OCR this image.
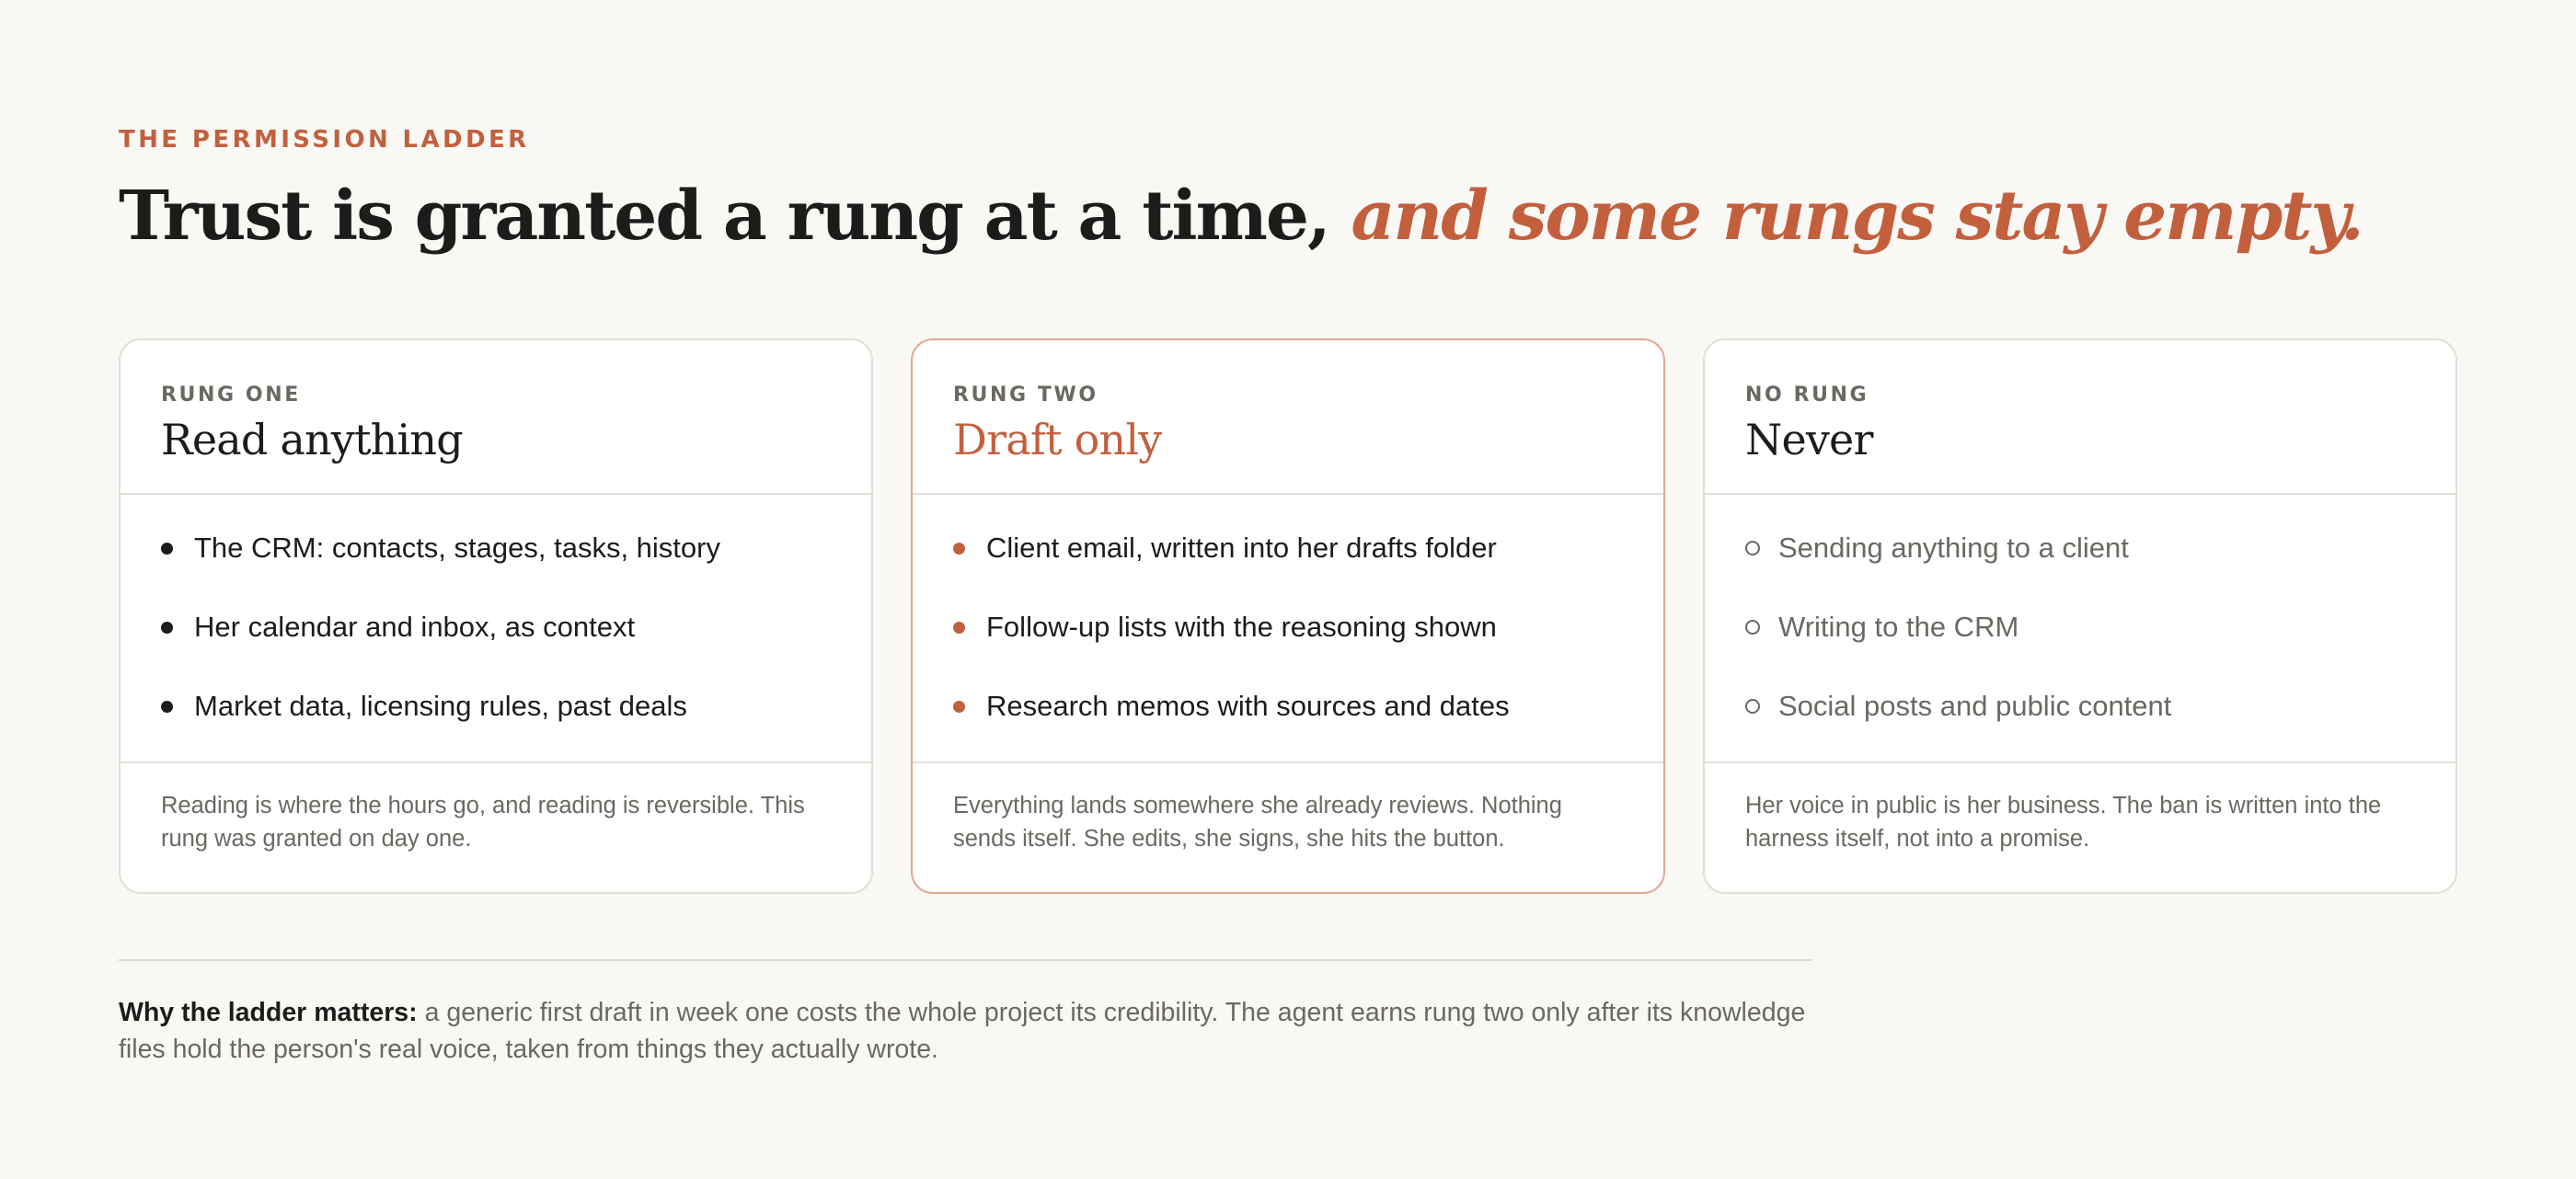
THE PERMISSION LADDER
Trust is granted a rung at a time, and some rungs stay empty.
RUNG ONE
Read anything
The CRM: contacts, stages, tasks, history
Her calendar and inbox, as context
Market data, licensing rules, past deals
Reading is where the hours go, and reading is reversible. This rung was granted on day one.
RUNG TWO
Draft only
Client email, written into her drafts folder
Follow-up lists with the reasoning shown
Research memos with sources and dates
Everything lands somewhere she already reviews. Nothing sends itself. She edits, she signs, she hits the button.
NO RUNG
Never
Sending anything to a client
Writing to the CRM
Social posts and public content
Her voice in public is her business. The ban is written into the harness itself, not into a promise.

Why the ladder matters: a generic first draft in week one costs the whole project its credibility. The agent earns rung two only after its knowledge files hold the person's real voice, taken from things they actually wrote.
